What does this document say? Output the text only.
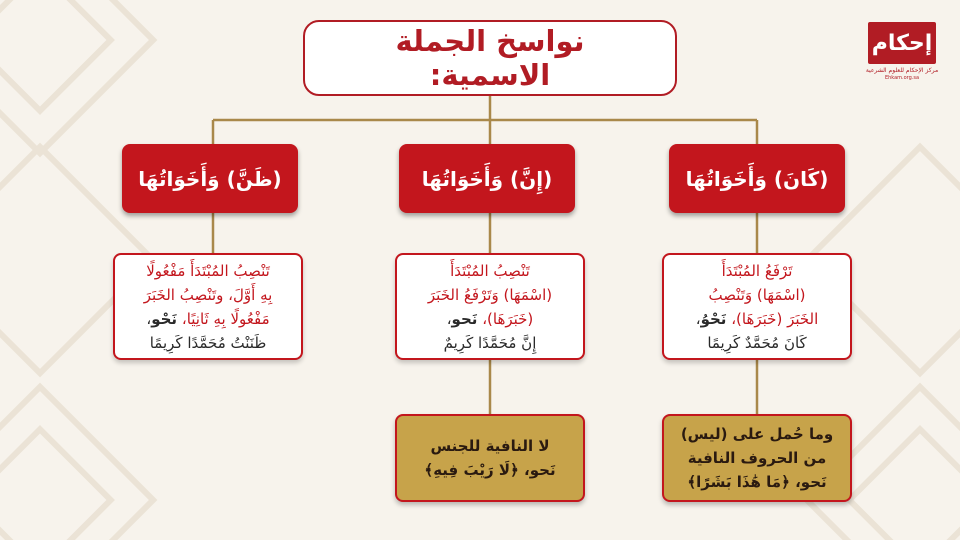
إحكام
مركز الإحكام للعلوم الشرعية
Ehkam.org.sa
نواسخ الجملة
الاسمية:
(كَانَ) وَأَخَوَاتُهَا
(إِنَّ) وَأَخَوَاتُهَا
(ظَنَّ) وَأَخَوَاتُهَا
تَرْفَعُ المُبْتَدَأَ
(اسْمَهَا) وَتَنْصِبُ
الخَبَرَ (خَبَرَهَا)، نَحْوُ،
كَانَ مُحَمَّدٌ كَرِيمًا
تَنْصِبُ المُبْتَدَأَ
(اسْمَهَا) وَتَرْفَعُ الخَبَرَ
(خَبَرَهَا)، نَحو،
إِنَّ مُحَمَّدًا كَرِيمٌ
تَنْصِبُ المُبْتَدَأَ مَفْعُولًا
بِهِ أَوَّلَ، وتَنْصِبُ الخَبَرَ
مَفْعُولًا بِهِ ثَانِيًا، نَحْو،
ظَنَنْتُ مُحَمَّدًا كَرِيمًا
لا النافية للجنس
نَحو، ﴿لَا رَيْبَ فِيهِ﴾
وما حُمل على (ليس)
من الحروف النافية
نَحو، ﴿مَا هَٰذَا بَشَرًا﴾
